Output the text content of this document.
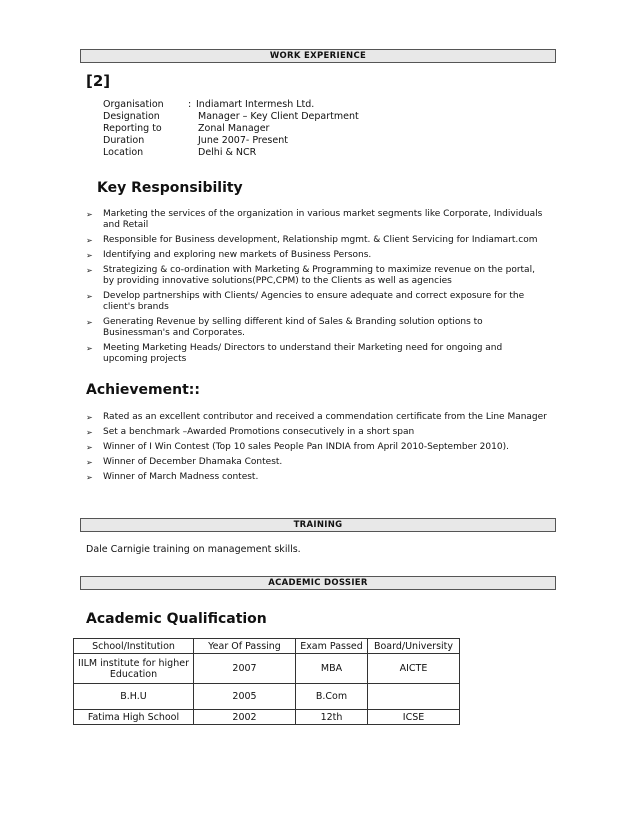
WORK EXPERIENCE
[2]
Organisation	: Indiamart Intermesh Ltd.
Designation	Manager – Key Client Department
Reporting to	Zonal Manager
Duration	June 2007- Present
Location	Delhi & NCR
Key Responsibility
➢ Marketing the services of the organization in various market segments like Corporate, Individuals and Retail
➢ Responsible for Business development, Relationship mgmt. & Client Servicing for Indiamart.com
➢ Identifying and exploring new markets of Business Persons.
➢ Strategizing & co-ordination with Marketing & Programming to maximize revenue on the portal, by providing innovative solutions(PPC,CPM) to the Clients as well as agencies
➢ Develop partnerships with Clients/ Agencies to ensure adequate and correct exposure for the client's brands
➢ Generating Revenue by selling different kind of Sales & Branding solution options to Businessman's and Corporates.
➢ Meeting Marketing Heads/ Directors to understand their Marketing need for ongoing and upcoming projects
Achievement::
➢ Rated as an excellent contributor and received a commendation certificate from the Line Manager
➢ Set a benchmark –Awarded Promotions consecutively in a short span
➢ Winner of I Win Contest (Top 10 sales People Pan INDIA from April 2010-September 2010).
➢ Winner of December Dhamaka Contest.
➢ Winner of March Madness contest.
TRAINING
Dale Carnigie training on management skills.
ACADEMIC DOSSIER
Academic Qualification
School/Institution	Year Of Passing	Exam Passed	Board/University
IILM institute for higher Education	2007	MBA	AICTE
B.H.U	2005	B.Com	
Fatima High School	2002	12th	ICSE
